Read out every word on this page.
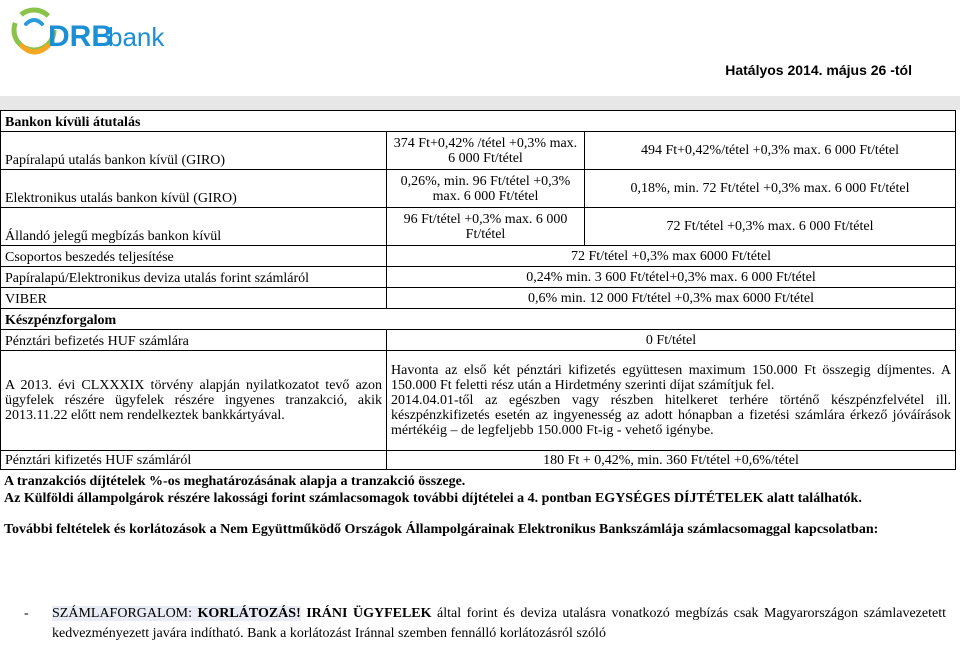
DRB
bank
Hatályos 2014. május 26 -tól
Bankon kívüli átutalás		
Papíralapú utalás bankon kívül (GIRO)	374 Ft+0,42% /tétel +0,3% max. 6 000 Ft/tétel	494 Ft+0,42%/tétel +0,3% max. 6 000 Ft/tétel
Elektronikus utalás bankon kívül (GIRO)	0,26%, min. 96 Ft/tétel +0,3% max. 6 000 Ft/tétel	0,18%, min. 72 Ft/tétel +0,3% max. 6 000 Ft/tétel
Állandó jelegű megbízás bankon kívül	96 Ft/tétel +0,3% max. 6 000 Ft/tétel	72 Ft/tétel +0,3% max. 6 000 Ft/tétel
Csoportos beszedés teljesítése	72 Ft/tétel +0,3% max 6000 Ft/tétel	
Papíralapú/Elektronikus deviza utalás forint számláról	0,24% min. 3 600 Ft/tétel+0,3% max. 6 000 Ft/tétel	
VIBER	0,6% min. 12 000 Ft/tétel +0,3% max 6000 Ft/tétel	
Készpénzforgalom		
Pénztári befizetés HUF számlára	0 Ft/tétel	
A 2013. évi CLXXXIX törvény alapján nyilatkozatot tevő azon ügyfelek részére ügyfelek részére ingyenes tranzakció, akik 2013.11.22 előtt nem rendelkeztek bankkártyával.	Havonta az első két pénztári kifizetés együttesen maximum 150.000 Ft összegig díjmentes. A 150.000 Ft feletti rész után a Hirdetmény szerinti díjat számítjuk fel.
2014.04.01-től az egészben vagy részben hitelkeret terhére történő készpénzfelvétel ill. készpénzkifizetés esetén az ingyenesség az adott hónapban a fizetési számlára érkező jóváírások mértékéig – de legfeljebb 150.000 Ft-ig - vehető igénybe.	

Pénztári kifizetés HUF számláról	180 Ft + 0,42%, min. 360 Ft/tétel +0,6%/tétel	

A tranzakciós díjtételek %-os meghatározásának alapja a tranzakció összege.

Az Külföldi állampolgárok részére lakossági forint számlacsomagok további díjtételei a 4. pontban EGYSÉGES DÍJTÉTELEK alatt találhatók.

További feltételek és korlátozások a Nem Együttműködő Országok Állampolgárainak Elektronikus Bankszámlája számlacsomaggal kapcsolatban:

-	SZÁMLAFORGALOM: KORLÁTOZÁS! IRÁNI ÜGYFELEK által forint és deviza utalásra vonatkozó megbízás csak Magyarországon számlavezetett kedvezményezett javára indítható. Bank a korlátozást Iránnal szemben fennálló korlátozásról szóló
